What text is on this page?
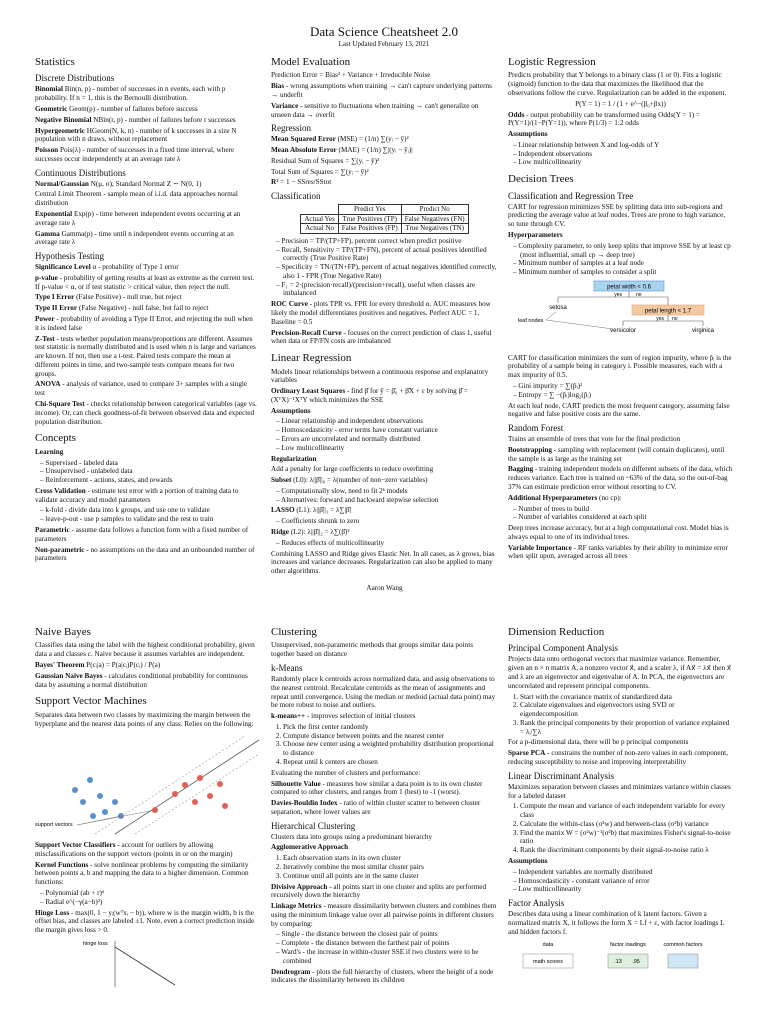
Data Science Cheatsheet 2.0
Last Updated February 13, 2021
Statistics
Discrete Distributions

Binomial Bin(n, p) - number of successes in n events, each with p probability. If n = 1, this is the Bernoulli distribution.

Geometric Geom(p) - number of failures before success

Negative Binomial NBin(r, p) - number of failures before r successes

Hypergeometric HGeom(N, k, n) - number of k successes in a size N population with n draws, without replacement

Poisson Pois(λ) - number of successes in a fixed time interval, where successes occur independently at an average rate λ

Continuous Distributions

Normal/Gaussian N(μ, σ), Standard Normal Z ∼ N(0, 1)

Central Limit Theorem - sample mean of i.i.d. data approaches normal distribution

Exponential Exp(p) - time between independent events occurring at an average rate λ

Gamma Gamma(p) - time until n independent events occurring at an average rate λ

Hypothesis Testing

Significance Level α - probability of Type 1 error

p-value - probability of getting results at least as extreme as the current test. If p-value < α, or if test statistic > critical value, then reject the null.

Type I Error (False Positive) - null true, but reject

Type II Error (False Negative) - null false, but fail to reject

Power - probability of avoiding a Type II Error, and rejecting the null when it is indeed false

Z-Test - tests whether population means/proportions are different. Assumes test statistic is normally distributed and is used when n is large and variances are known. If not, then use a t-test. Paired tests compare the mean at different points in time, and two-sample tests compare means for two groups.

ANOVA - analysis of variance, used to compare 3+ samples with a single test

Chi-Square Test - checks relationship between categorical variables (age vs. income). Or, can check goodness-of-fit between observed data and expected population distribution.

Concepts

Learning

– Supervised - labeled data
– Unsupervised - unlabeled data
– Reinforcement - actions, states, and rewards

Cross Validation - estimate test error with a portion of training data to validate accuracy and model parameters

– k-fold - divide data into k groups, and use one to validate
– leave-p-out - use p samples to validate and the rest to train

Parametric - assume data follows a function form with a fixed number of parameters

Non-parametric - no assumptions on the data and an unbounded number of parameters

Model Evaluation

Prediction Error = Bias² + Variance + Irreducible Noise

Bias - wrong assumptions when training → can't capture underlying patterns → underfit

Variance - sensitive to fluctuations when training → can't generalize on unseen data → overfit

Regression

Mean Squared Error (MSE) = (1/n) ∑(yᵢ − ŷ)²

Mean Absolute Error (MAE) = (1/n) ∑|(yᵢ − ŷᵢ)|

Residual Sum of Squares = ∑(yᵢ − ŷ)²

Total Sum of Squares = ∑(yᵢ − ȳ)²

R² = 1 − SSres/SStot

Classification
	Predict Yes	Predict No
Actual Yes	True Positives (TP)	False Negatives (FN)
Actual No	False Positives (FP)	True Negatives (TN)
– Precision = TP/(TP+FP), percent correct when predict positive
– Recall, Sensitivity = TP/(TP+FN), percent of actual positives identified correctly (True Positive Rate)
– Specificity = TN/(TN+FP), percent of actual negatives identified correctly, also 1 - FPR (True Negative Rate)
– F₁ = 2·(precision·recall)/(precision+recall), useful when classes are imbalanced

ROC Curve - plots TPR vs. FPR for every threshold α. AUC measures how likely the model differentiates positives and negatives. Perfect AUC = 1, Baseline = 0.5

Precision-Recall Curve - focuses on the correct prediction of class 1, useful when data or FP/FN costs are imbalanced

Linear Regression

Models linear relationships between a continuous response and explanatory variables

Ordinary Least Squares - find β̂ for ŷ = β̂₀ + β̂X + ε by solving β̂ = (XᵀX)⁻¹XᵀY which minimizes the SSE

Assumptions

– Linear relationship and independent observations
– Homoscedasticity - error terms have constant variance
– Errors are uncorrelated and normally distributed
– Low multicollinearity

Regularization

Add a penalty for large coefficients to reduce overfitting

Subset (L0): λ||β̂||₀ = λ(number of non−zero variables)

– Computationally slow, need to fit 2ᵏ models
– Alternatives: forward and backward stepwise selection

LASSO (L1): λ||β̂||₁ = λ∑|β̂|

– Coefficients shrunk to zero

Ridge (L2): λ||β̂||₂ = λ∑(β̂)²

– Reduces effects of multicollinearity

Combining LASSO and Ridge gives Elastic Net. In all cases, as λ grows, bias increases and variance decreases. Regularization can also be applied to many other algorithms.

Aaron Wang
Logistic Regression

Predicts probability that Y belongs to a binary class (1 or 0). Fits a logistic (sigmoid) function to the data that maximizes the likelihood that the observations follow the curve. Regularization can be added in the exponent.

P(Y = 1) = 1 / (1 + e^−(β₀+βx))

Odds - output probability can be transformed using Odds(Y = 1) = P(Y=1)/(1−P(Y=1)), where P(1/3) = 1:2 odds

Assumptions

– Linear relationship between X and log-odds of Y
– Independent observations
– Low multicollinearity
Decision Trees
Classification and Regression Tree

CART for regression minimizes SSE by splitting data into sub-regions and predicting the average value at leaf nodes. Trees are prone to high variance, so tune through CV.

Hyperparameters

– Complexity parameter, to only keep splits that improve SSE by at least cp (most influential, small cp → deep tree)
– Minimum number of samples at a leaf node
– Minimum number of samples to consider a split
petal width < 0.6
yes	no
setosa
petal length < 1.7
yes no
versicolor	virginica
leaf nodes

CART for classification minimizes the sum of region impurity, where p̂ᵢ is the probability of a sample being in category i. Possible measures, each with a max impurity of 0.5.

– Gini impurity = ∑(p̂ᵢ)²
– Entropy = ∑ −(p̂ᵢ)log₂(p̂ᵢ)

At each leaf node, CART predicts the most frequent category, assuming false negative and false positive costs are the same.

Random Forest

Trains an ensemble of trees that vote for the final prediction

Bootstrapping - sampling with replacement (will contain duplicates), until the sample is as large as the training set

Bagging - training independent models on different subsets of the data, which reduces variance. Each tree is trained on ~63% of the data, so the out-of-bag 37% can estimate prediction error without resorting to CV.

Additional Hyperparameters (no cp):

– Number of trees to build
– Number of variables considered at each split

Deep trees increase accuracy, but at a high computational cost. Model bias is always equal to one of its individual trees.

Variable Importance - RF ranks variables by their ability to minimize error when split upon, averaged across all trees

Naive Bayes

Classifies data using the label with the highest conditional probability, given data a and classes c. Naive because it assumes variables are independent.

Bayes' Theorem P(cᵢ|a) = P(a|cᵢ)P(cᵢ) / P(a)

Gaussian Naive Bayes - calculates conditional probability for continuous data by assuming a normal distribution

Support Vector Machines

Separates data between two classes by maximizing the margin between the hyperplane and the nearest data points of any class. Relies on the following:

support vectors

Support Vector Classifiers - account for outliers by allowing misclassifications on the support vectors (points in or on the margin)

Kernel Functions - solve nonlinear problems by computing the similarity between points a, b and mapping the data to a higher dimension. Common functions:

– Polynomial (ab + r)ᵈ
– Radial e^(−γ(a−b)²)

Hinge Loss - max(0, 1 − yᵢ(wᵀxᵢ − b)), where w is the margin width, b is the offset bias, and classes are labeled ±1. Note, even a correct prediction inside the margin gives loss > 0.

hinge loss
Clustering

Unsupervised, non-parametric methods that groups similar data points together based on distance

k-Means

Randomly place k centroids across normalized data, and assig observations to the nearest centroid. Recalculate centroids as the mean of assignments and repeat until convergence. Using the median or medoid (actual data point) may be more robust to noise and outliers.

k-means++ - improves selection of initial clusters

1. Pick the first center randomly
2. Compute distance between points and the nearest center
3. Choose new center using a weighted probability distribution proportional to distance
4. Repeat until k centers are chosen

Evaluating the number of clusters and performance:

Silhouette Value - measures how similar a data point is to its own cluster compared to other clusters, and ranges from 1 (best) to -1 (worst).

Davies-Bouldin Index - ratio of within cluster scatter to between cluster separation, where lower values are

Hierarchical Clustering

Clusters data into groups using a predominant hierarchy

Agglomerative Approach

1. Each observation starts in its own cluster
2. Iteratively combine the most similar cluster pairs
3. Continue until all points are in the same cluster

Divisive Approach - all points start in one cluster and splits are performed recursively down the hierarchy

Linkage Metrics - measure dissimilarity between clusters and combines them using the minimum linkage value over all pairwise points in different clusters by comparing:

– Single - the distance between the closest pair of points
– Complete - the distance between the farthest pair of points
– Ward's - the increase in within-cluster SSE if two clusters were to be combined

Dendrogram - plots the full hierarchy of clusters, where the height of a node indicates the dissimilarity between its children

Dimension Reduction
Principal Component Analysis

Projects data onto orthogonal vectors that maximize variance. Remember, given an n × n matrix A, a nonzero vector x⃗, and a scaler λ, if Ax⃗ = λx⃗ then x⃗ and λ are an eigenvector and eigenvalue of A. In PCA, the eigenvectors are uncorrelated and represent principal components.

1. Start with the covariance matrix of standardized data
2. Calculate eigenvalues and eigenvectors using SVD or eigendecomposition
3. Rank the principal components by their proportion of variance explained = λᵢ/∑λ

For a p-dimensional data, there will be p principal components

Sparse PCA - constrains the number of non-zero values in each component, reducing susceptibility to noise and improving interpretability

Linear Discriminant Analysis

Maximizes separation between classes and minimizes variance within classes for a labeled dataset

1. Compute the mean and variance of each independent variable for every class
2. Calculate the within-class (σ²w) and between-class (σ²b) variance
3. Find the matrix W = (σ²w)⁻¹(σ²b) that maximizes Fisher's signal-to-noise ratio
4. Rank the discriminant components by their signal-to-noise ratio λ

Assumptions

– Independent variables are normally distributed
– Homoscedasticity - constant variance of error
– Low multicollinearity
Factor Analysis

Describes data using a linear combination of k latent factors. Given a normalized matrix X, it follows the form X = Lf + ε, with factor loadings L and hidden factors f.

data	factor loadings	common factors
math scores	.13 .95
